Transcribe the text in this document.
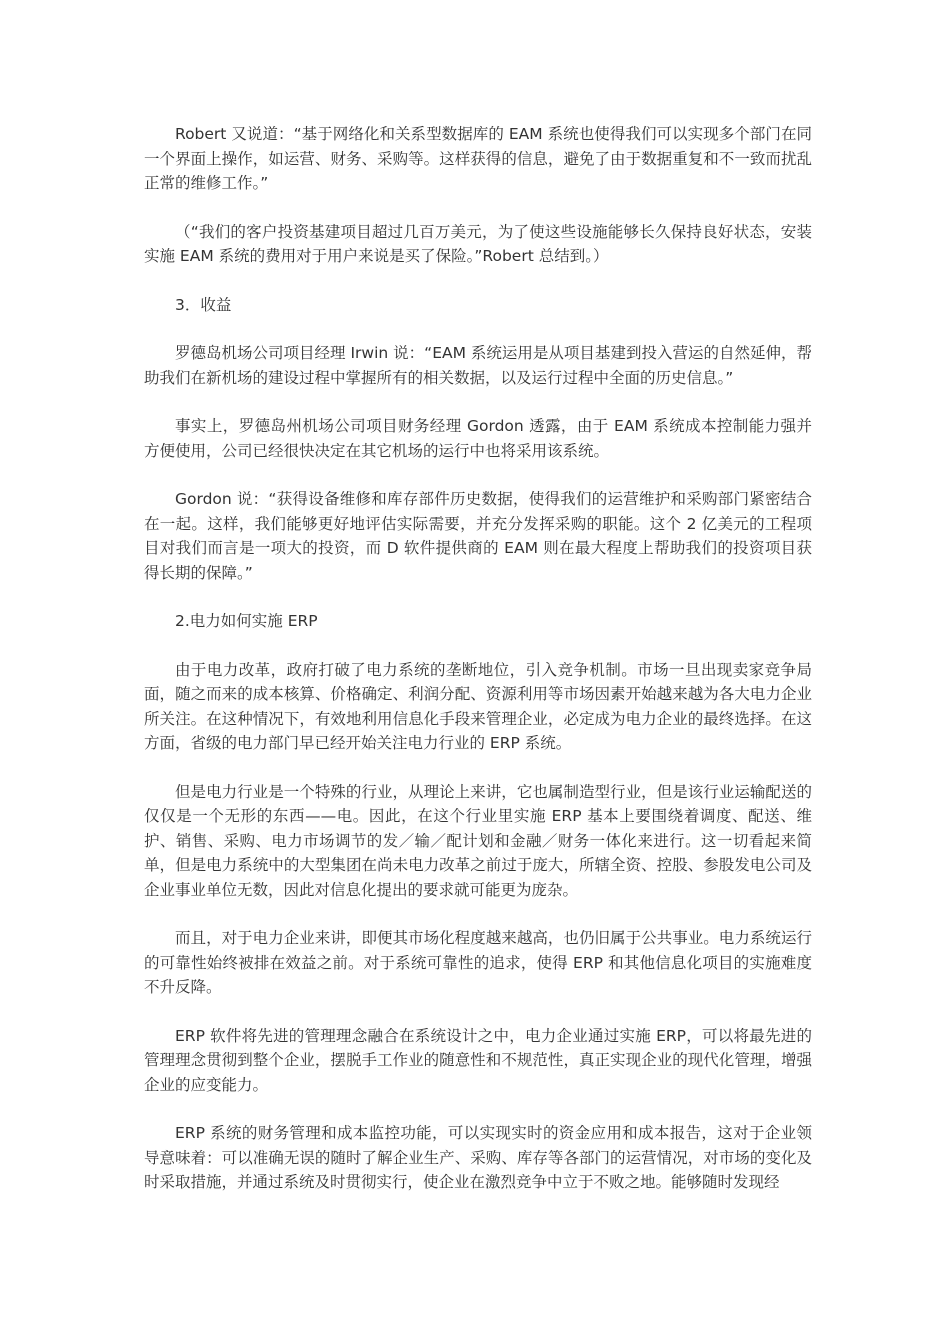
Robert 又说道：“基于网络化和关系型数据库的 EAM 系统也使得我们可以实现多个部门在同一个界面上操作，如运营、财务、采购等。这样获得的信息，避免了由于数据重复和不一致而扰乱正常的维修工作。”

（“我们的客户投资基建项目超过几百万美元，为了使这些设施能够长久保持良好状态，安装实施 EAM 系统的费用对于用户来说是买了保险。”Robert 总结到。）

3．收益

罗德岛机场公司项目经理 Irwin 说：“EAM 系统运用是从项目基建到投入营运的自然延伸，帮助我们在新机场的建设过程中掌握所有的相关数据，以及运行过程中全面的历史信息。”

事实上，罗德岛州机场公司项目财务经理 Gordon 透露，由于 EAM 系统成本控制能力强并方便使用，公司已经很快决定在其它机场的运行中也将采用该系统。

Gordon 说：“获得设备维修和库存部件历史数据，使得我们的运营维护和采购部门紧密结合在一起。这样，我们能够更好地评估实际需要，并充分发挥采购的职能。这个 2 亿美元的工程项目对我们而言是一项大的投资，而 D 软件提供商的 EAM 则在最大程度上帮助我们的投资项目获得长期的保障。”

2.电力如何实施 ERP

由于电力改革，政府打破了电力系统的垄断地位，引入竞争机制。市场一旦出现卖家竞争局面，随之而来的成本核算、价格确定、利润分配、资源利用等市场因素开始越来越为各大电力企业所关注。在这种情况下，有效地利用信息化手段来管理企业，必定成为电力企业的最终选择。在这方面，省级的电力部门早已经开始关注电力行业的 ERP 系统。

但是电力行业是一个特殊的行业，从理论上来讲，它也属制造型行业，但是该行业运输配送的仅仅是一个无形的东西——电。因此，在这个行业里实施 ERP 基本上要围绕着调度、配送、维护、销售、采购、电力市场调节的发／输／配计划和金融／财务一体化来进行。这一切看起来简单，但是电力系统中的大型集团在尚未电力改革之前过于庞大，所辖全资、控股、参股发电公司及企业事业单位无数，因此对信息化提出的要求就可能更为庞杂。

而且，对于电力企业来讲，即便其市场化程度越来越高，也仍旧属于公共事业。电力系统运行的可靠性始终被排在效益之前。对于系统可靠性的追求，使得 ERP 和其他信息化项目的实施难度不升反降。

ERP 软件将先进的管理理念融合在系统设计之中，电力企业通过实施 ERP，可以将最先进的管理理念贯彻到整个企业，摆脱手工作业的随意性和不规范性，真正实现企业的现代化管理，增强企业的应变能力。

ERP 系统的财务管理和成本监控功能，可以实现实时的资金应用和成本报告，这对于企业领导意味着：可以准确无误的随时了解企业生产、采购、库存等各部门的运营情况，对市场的变化及时采取措施，并通过系统及时贯彻实行，使企业在激烈竞争中立于不败之地。能够随时发现经
